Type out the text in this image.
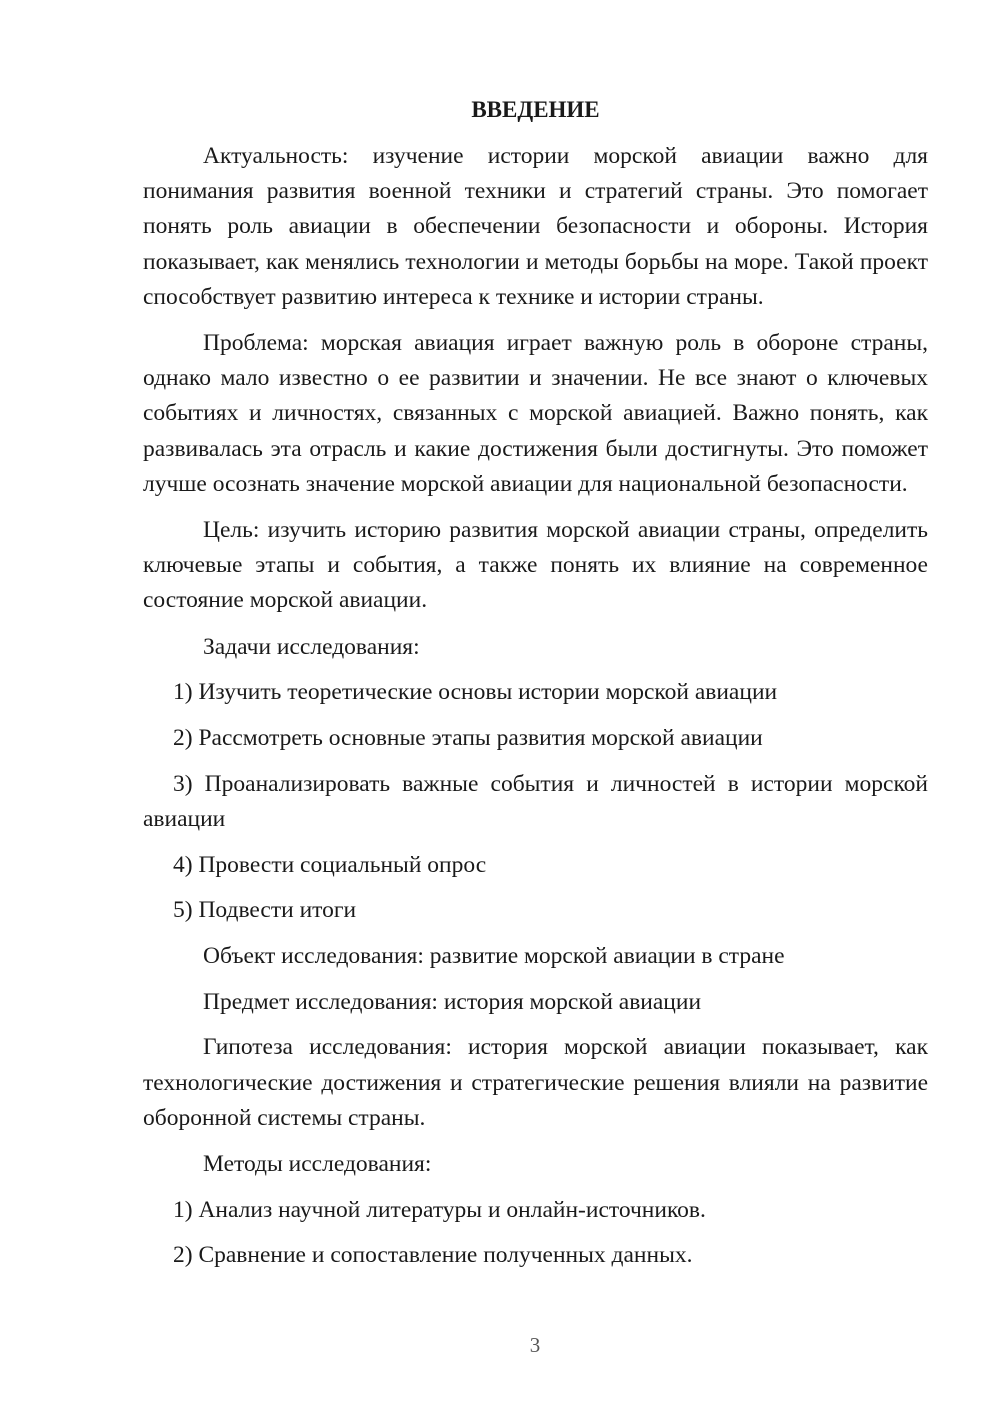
ВВЕДЕНИЕ

Актуальность: изучение истории морской авиации важно для понимания развития военной техники и стратегий страны. Это помогает понять роль авиации в обеспечении безопасности и обороны. История показывает, как менялись технологии и методы борьбы на море. Такой проект способствует развитию интереса к технике и истории страны.

Проблема: морская авиация играет важную роль в обороне страны, однако мало известно о ее развитии и значении. Не все знают о ключевых событиях и личностях, связанных с морской авиацией. Важно понять, как развивалась эта отрасль и какие достижения были достигнуты. Это поможет лучше осознать значение морской авиации для национальной безопасности.

Цель: изучить историю развития морской авиации страны, определить ключевые этапы и события, а также понять их влияние на современное состояние морской авиации.

Задачи исследования:

1) Изучить теоретические основы истории морской авиации

2) Рассмотреть основные этапы развития морской авиации

3) Проанализировать важные события и личностей в истории морской авиации

4) Провести социальный опрос

5) Подвести итоги

Объект исследования: развитие морской авиации в стране

Предмет исследования: история морской авиации

Гипотеза исследования: история морской авиации показывает, как технологические достижения и стратегические решения влияли на развитие оборонной системы страны.

Методы исследования:

1) Анализ научной литературы и онлайн-источников.

2) Сравнение и сопоставление полученных данных.

3
